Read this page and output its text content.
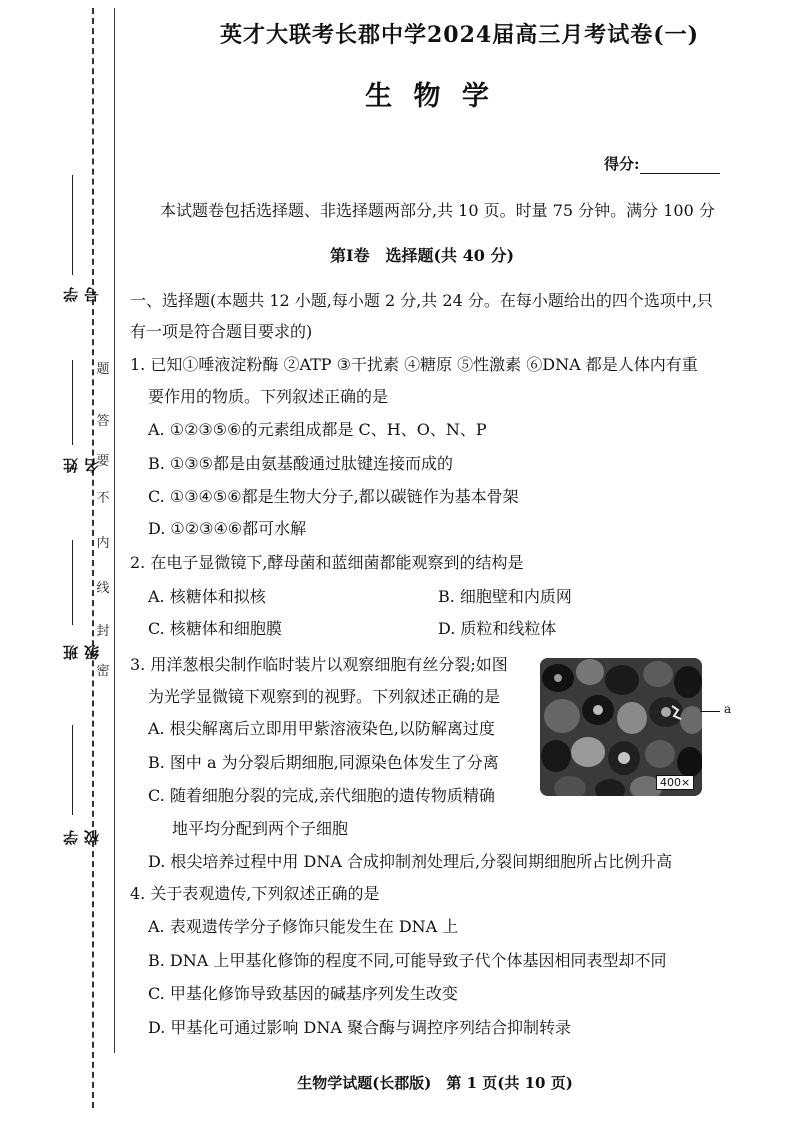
题
答
要
不
内
线
封
密
学号
姓名
班级
学校
英才大联考长郡中学2024届高三月考试卷(一)
生 物 学
得分:
本试题卷包括选择题、非选择题两部分,共 10 页。时量 75 分钟。满分 100 分
第Ⅰ卷　选择题(共 40 分)
一、选择题(本题共 12 小题,每小题 2 分,共 24 分。在每小题给出的四个选项中,只
有一项是符合题目要求的)
1. 已知①唾液淀粉酶 ②ATP ③干扰素 ④糖原 ⑤性激素 ⑥DNA 都是人体内有重
要作用的物质。下列叙述正确的是
A. ①②③⑤⑥的元素组成都是 C、H、O、N、P
B. ①③⑤都是由氨基酸通过肽键连接而成的
C. ①③④⑤⑥都是生物大分子,都以碳链作为基本骨架
D. ①②③④⑥都可水解
2. 在电子显微镜下,酵母菌和蓝细菌都能观察到的结构是
A. 核糖体和拟核	B. 细胞壁和内质网
C. 核糖体和细胞膜	D. 质粒和线粒体
3. 用洋葱根尖制作临时装片以观察细胞有丝分裂;如图
为光学显微镜下观察到的视野。下列叙述正确的是
A. 根尖解离后立即用甲紫溶液染色,以防解离过度
B. 图中 a 为分裂后期细胞,同源染色体发生了分离
C. 随着细胞分裂的完成,亲代细胞的遗传物质精确
地平均分配到两个子细胞
D. 根尖培养过程中用 DNA 合成抑制剂处理后,分裂间期细胞所占比例升高
a
400×
4. 关于表观遗传,下列叙述正确的是
A. 表观遗传学分子修饰只能发生在 DNA 上
B. DNA 上甲基化修饰的程度不同,可能导致子代个体基因相同表型却不同
C. 甲基化修饰导致基因的碱基序列发生改变
D. 甲基化可通过影响 DNA 聚合酶与调控序列结合抑制转录
生物学试题(长郡版)　第 1 页(共 10 页)
